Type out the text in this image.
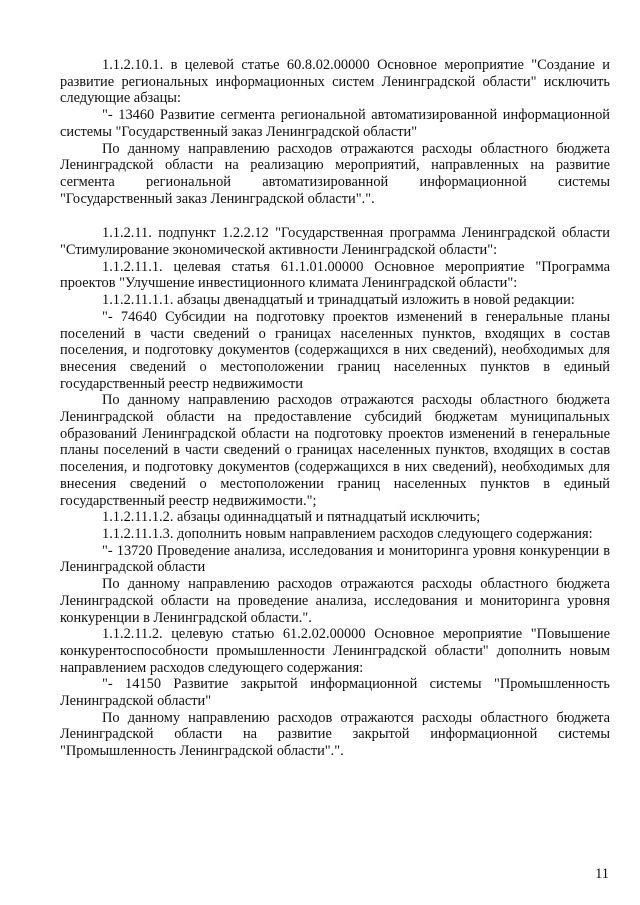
1.1.2.10.1. в целевой статье 60.8.02.00000 Основное мероприятие "Создание и развитие региональных информационных систем Ленинградской области" исключить следующие абзацы:

"- 13460 Развитие сегмента региональной автоматизированной информационной системы "Государственный заказ Ленинградской области"

По данному направлению расходов отражаются расходы областного бюджета Ленинградской области на реализацию мероприятий, направленных на развитие сегмента региональной автоматизированной информационной системы "Государственный заказ Ленинградской области".".

1.1.2.11. подпункт 1.2.2.12 "Государственная программа Ленинградской области "Стимулирование экономической активности Ленинградской области":

1.1.2.11.1. целевая статья 61.1.01.00000 Основное мероприятие "Программа проектов "Улучшение инвестиционного климата Ленинградской области":

1.1.2.11.1.1. абзацы двенадцатый и тринадцатый изложить в новой редакции:

"- 74640 Субсидии на подготовку проектов изменений в генеральные планы поселений в части сведений о границах населенных пунктов, входящих в состав поселения, и подготовку документов (содержащихся в них сведений), необходимых для внесения сведений о местоположении границ населенных пунктов в единый государственный реестр недвижимости

По данному направлению расходов отражаются расходы областного бюджета Ленинградской области на предоставление субсидий бюджетам муниципальных образований Ленинградской области на подготовку проектов изменений в генеральные планы поселений в части сведений о границах населенных пунктов, входящих в состав поселения, и подготовку документов (содержащихся в них сведений), необходимых для внесения сведений о местоположении границ населенных пунктов в единый государственный реестр недвижимости.";

1.1.2.11.1.2. абзацы одиннадцатый и пятнадцатый исключить;

1.1.2.11.1.3. дополнить новым направлением расходов следующего содержания:

"- 13720 Проведение анализа, исследования и мониторинга уровня конкуренции в Ленинградской области

По данному направлению расходов отражаются расходы областного бюджета Ленинградской области на проведение анализа, исследования и мониторинга уровня конкуренции в Ленинградской области.".

1.1.2.11.2. целевую статью 61.2.02.00000 Основное мероприятие "Повышение конкурентоспособности промышленности Ленинградской области" дополнить новым направлением расходов следующего содержания:

"- 14150 Развитие закрытой информационной системы "Промышленность Ленинградской области"

По данному направлению расходов отражаются расходы областного бюджета Ленинградской области на развитие закрытой информационной системы "Промышленность Ленинградской области".".

11
